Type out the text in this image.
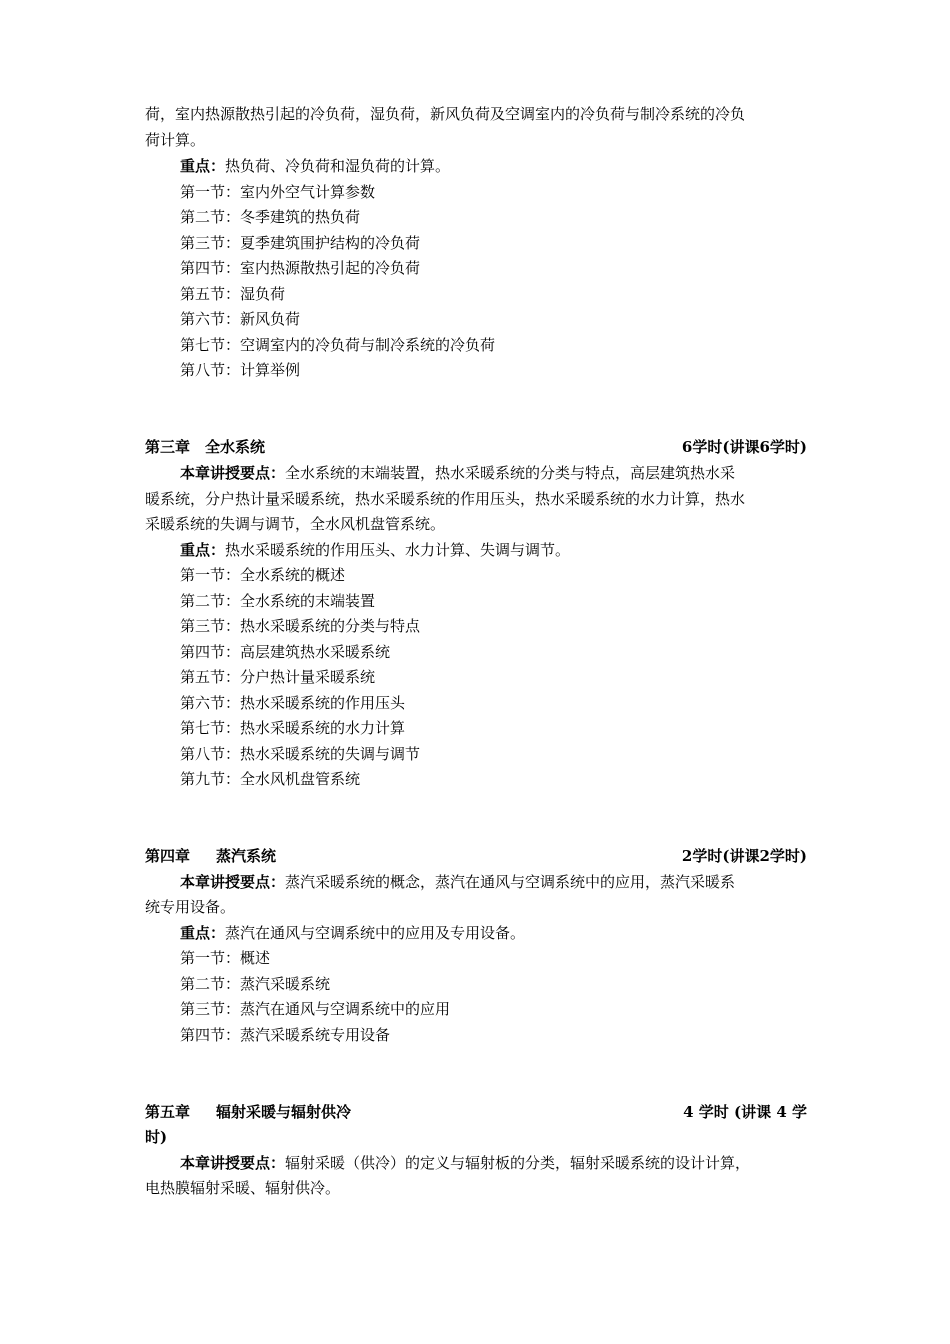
荷，室内热源散热引起的冷负荷，湿负荷，新风负荷及空调室内的冷负荷与制冷系统的冷负
荷计算。
重点：热负荷、冷负荷和湿负荷的计算。
第一节：室内外空气计算参数
第二节：冬季建筑的热负荷
第三节：夏季建筑围护结构的冷负荷
第四节：室内热源散热引起的冷负荷
第五节：湿负荷
第六节：新风负荷
第七节：空调室内的冷负荷与制冷系统的冷负荷
第八节：计算举例
第三章　全水系统	6学时(讲课6学时)
本章讲授要点：全水系统的末端装置，热水采暖系统的分类与特点，高层建筑热水采
暖系统，分户热计量采暖系统，热水采暖系统的作用压头，热水采暖系统的水力计算，热水
采暖系统的失调与调节，全水风机盘管系统。
重点：热水采暖系统的作用压头、水力计算、失调与调节。
第一节：全水系统的概述
第二节：全水系统的末端装置
第三节：热水采暖系统的分类与特点
第四节：高层建筑热水采暖系统
第五节：分户热计量采暖系统
第六节：热水采暖系统的作用压头
第七节：热水采暖系统的水力计算
第八节：热水采暖系统的失调与调节
第九节：全水风机盘管系统
第四章 蒸汽系统	2学时(讲课2学时)
本章讲授要点：蒸汽采暖系统的概念，蒸汽在通风与空调系统中的应用，蒸汽采暖系
统专用设备。
重点：蒸汽在通风与空调系统中的应用及专用设备。
第一节：概述
第二节：蒸汽采暖系统
第三节：蒸汽在通风与空调系统中的应用
第四节：蒸汽采暖系统专用设备
第五章 辐射采暖与辐射供冷	4 学时 (讲课 4 学
时)
本章讲授要点：辐射采暖（供冷）的定义与辐射板的分类，辐射采暖系统的设计计算，
电热膜辐射采暖、辐射供冷。
